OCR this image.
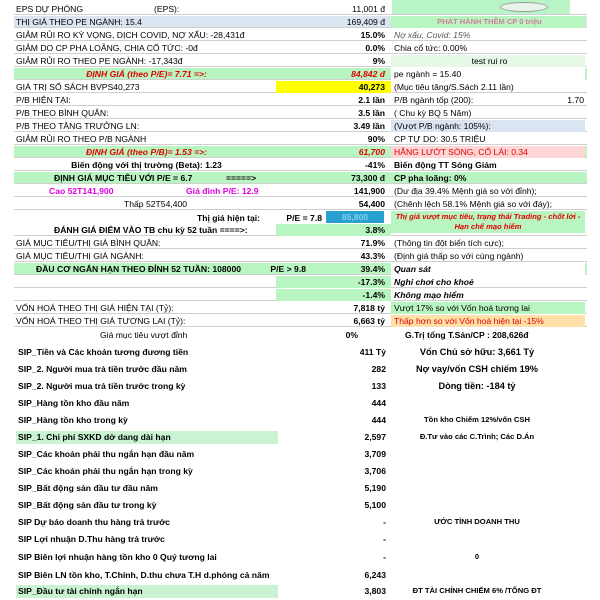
EPS DỰ PHÓNG	(EPS):	11,001 đ
THỊ GIÁ THEO PE NGÀNH: 15.4	169,409 đ	PHÁT HÀNH THÊM CP 0 triệu
GIẢM RỦI RO KỲ VỌNG, DỊCH COVID, NỢ XẤU: -28,431đ	15.0%	Nợ xấu, Covid: 15%
GIẢM DO CP PHA LOÃNG, CHIA CỔ TỨC: -0đ	0.0%	Chia cổ tức: 0.00%
GIẢM RỦI RO THEO PE NGÀNH: -17,343đ	9%	test rui ro
ĐỊNH GIÁ (theo P/E)= 7.71 =>:	84,842 đ	pe ngành = 15.40
GIÁ TRỊ SỔ SÁCH BVPS40,273	40,273	(Mục tiêu tăng/S.Sách 2.11 lần)
P/B HIỆN TẠI:	2.1 lần	P/B ngành tốp (200):	1.70
P/B THEO BÌNH QUÂN:	3.5 lần	( Chu kỳ BQ 5 Năm)
P/B THEO TĂNG TRƯỞNG LN:	3.49 lần	(Vượt P/B ngành: 105%):
GIẢM RỦI RO THEO P/B NGÀNH	90%	CP TỰ DO: 30.5 TRIỆU
ĐỊNH GIÁ (theo P/B)= 1.53 =>:	61,700	HẰNG LƯỚT SÓNG, CỔ LÁI: 0.34
Biến động với thị trường (Beta): 1.23	-41%	Biến động TT Sóng Giảm
ĐỊNH GIÁ MỤC TIÊU VỚI P/E = 6.7	=====>	73,300 đ	CP pha loãng: 0%
Cao 52T141,900	Giá đỉnh P/E: 12.9	141,900	(Dư địa 39.4% Mệnh giá so với đỉnh);
Thấp 52T54,400	54,400	(Chênh lệch 58.1% Mệnh giá so với đáy);
Thị giá hiện tại:	P/E = 7.8	85,800	Thị giá vượt mục tiêu, trạng thái Trading - chốt lời - Hạn chế mạo hiểm
ĐÁNH GIÁ ĐIỂM VÀO TB chu kỳ 52 tuần ====>:	3.8%
GIÁ MỤC TIÊU/THỊ GIÁ BÌNH QUÂN:	71.9%	(Thông tin đột biến tích cực);
GIÁ MỤC TIÊU/THỊ GIÁ NGÀNH:	43.3%	(Định giá thấp so với cùng ngành)
ĐẦU CƠ NGẮN HẠN THEO ĐỈNH 52 TUẦN: 108000	P/E > 9.8	39.4%	Quan sát
-17.3%	Nghỉ chơi cho khoẻ
-1.4%	Không mạo hiểm
VỐN HOÁ THEO THỊ GIÁ HIỆN TẠI (Tỷ):	7,818 tỷ	Vượt 17% so với Vốn hoá tương lai
VỐN HOÁ THEO THỊ GIÁ TƯƠNG LAI (Tỷ):	6,663 tỷ	Thấp hơn so với Vốn hoá hiện tại -15%
Giá mục tiêu vượt đỉnh	0%	G.Trị tổng T.Sản/CP : 208,626đ
SIP_Tiền và Các khoản tương đương tiền	411 Tỷ	Vốn Chủ sở hữu: 3,661 Tỷ
SIP_2. Người mua trả tiền trước đầu năm	282	Nợ vay/vốn CSH chiếm 19%
SIP_2. Người mua trả tiền trước trong kỳ	133	Dòng tiền: -184 tỷ
SIP_Hàng tồn kho đầu năm	444
SIP_Hàng tồn kho trong kỳ	444	Tồn kho Chiếm 12%/vốn CSH
SIP_1. Chi phí SXKD dở dang dài hạn	2,597	Đ.Tư vào các C.Trình; Các D.Án
SIP_Các khoản phải thu ngắn hạn đầu năm	3,709
SIP_Các khoản phải thu ngắn hạn trong kỳ	3,706
SIP_Bất động sản đầu tư đầu năm	5,190
SIP_Bất động sản đầu tư trong kỳ	5,100
SIP Dự báo doanh thu hàng trả trước	-	ƯỚC TÍNH DOANH THU
SIP Lợi nhuận D.Thu hàng trả trước	-
SIP Biên lợi nhuận hàng tồn kho 0 Quý tương lai	-	0
SIP Biên LN tồn kho, T.Chính, D.thu chưa T.H d.phóng cả năm	6,243
SIP_Đầu tư tài chính ngắn hạn	3,803	ĐT TÀI CHÍNH CHIẾM 6% /TỔNG ĐT
